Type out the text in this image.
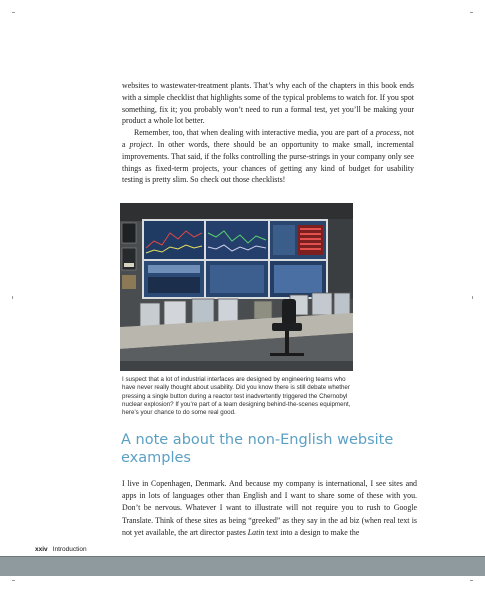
websites to wastewater-treatment plants. That’s why each of the chapters in this book ends with a simple checklist that highlights some of the typical problems to watch for. If you spot something, fix it; you probably won’t need to run a formal test, yet you’ll be making your product a whole lot better.

Remember, too, that when dealing with interactive media, you are part of a process, not a project. In other words, there should be an opportunity to make small, incremental improvements. That said, if the folks controlling the purse-strings in your company only see things as fixed-term projects, your chances of getting any kind of budget for usability testing is pretty slim. So check out those checklists!

I suspect that a lot of industrial interfaces are designed by engineering teams who have never really thought about usability. Did you know there is still debate whether pressing a single button during a reactor test inadvertently triggered the Chernobyl nuclear explosion? If you’re part of a team designing behind-the-scenes equipment, here’s your chance to do some real good.
A note about the non-English website examples
I live in Copenhagen, Denmark. And because my company is international, I see sites and apps in lots of languages other than English and I want to share some of these with you. Don’t be nervous. Whatever I want to illustrate will not require you to rush to Google Translate. Think of these sites as being “greeked” as they say in the ad biz (when real text is not yet available, the art director pastes Latin text into a design to make the
xxiv Introduction
